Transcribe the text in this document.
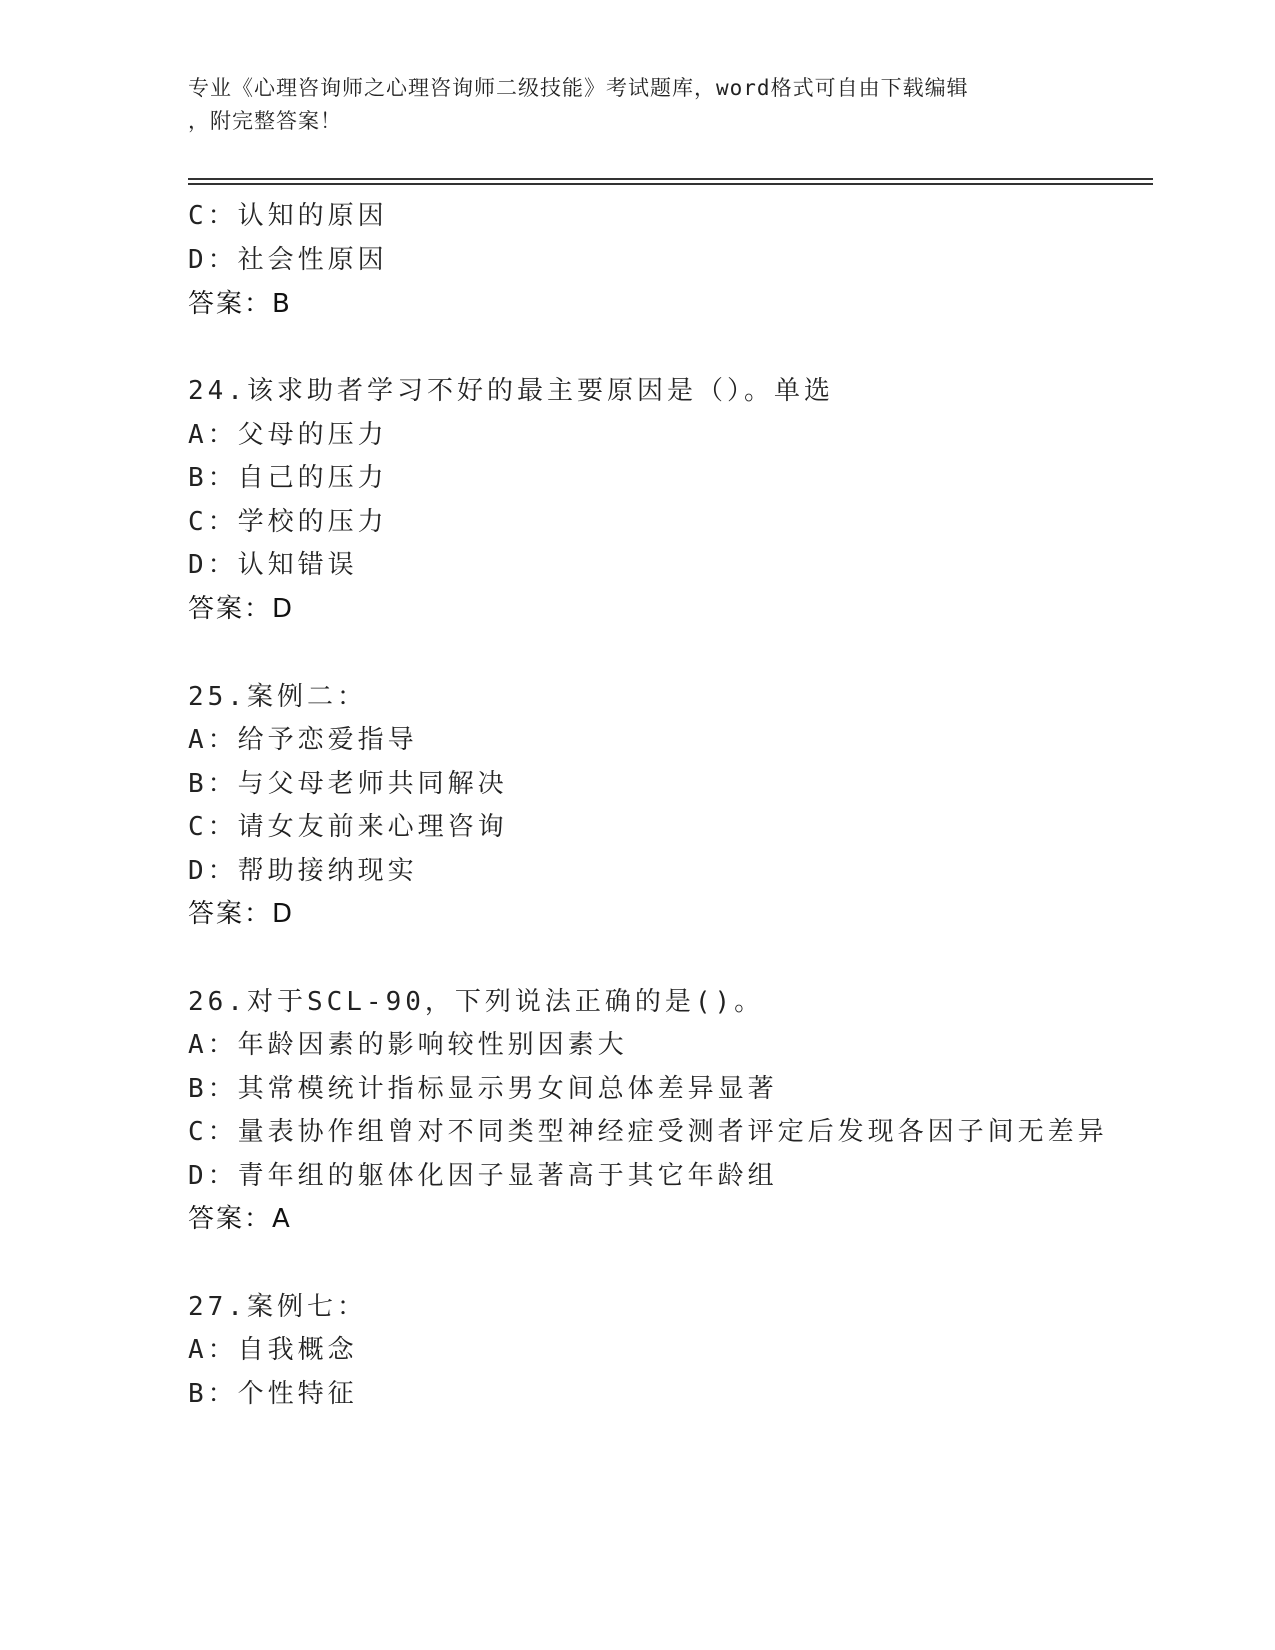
专业《心理咨询师之心理咨询师二级技能》考试题库，word格式可自由下载编辑
，附完整答案！
C：认知的原因
D：社会性原因
答案：B
24.该求助者学习不好的最主要原因是（）。单选
A：父母的压力
B：自己的压力
C：学校的压力
D：认知错误
答案：D
25.案例二：
A：给予恋爱指导
B：与父母老师共同解决
C：请女友前来心理咨询
D：帮助接纳现实
答案：D
26.对于SCL-90，下列说法正确的是()。
A：年龄因素的影响较性别因素大
B：其常模统计指标显示男女间总体差异显著
C：量表协作组曾对不同类型神经症受测者评定后发现各因子间无差异
D：青年组的躯体化因子显著高于其它年龄组
答案：A
27.案例七：
A：自我概念
B：个性特征
